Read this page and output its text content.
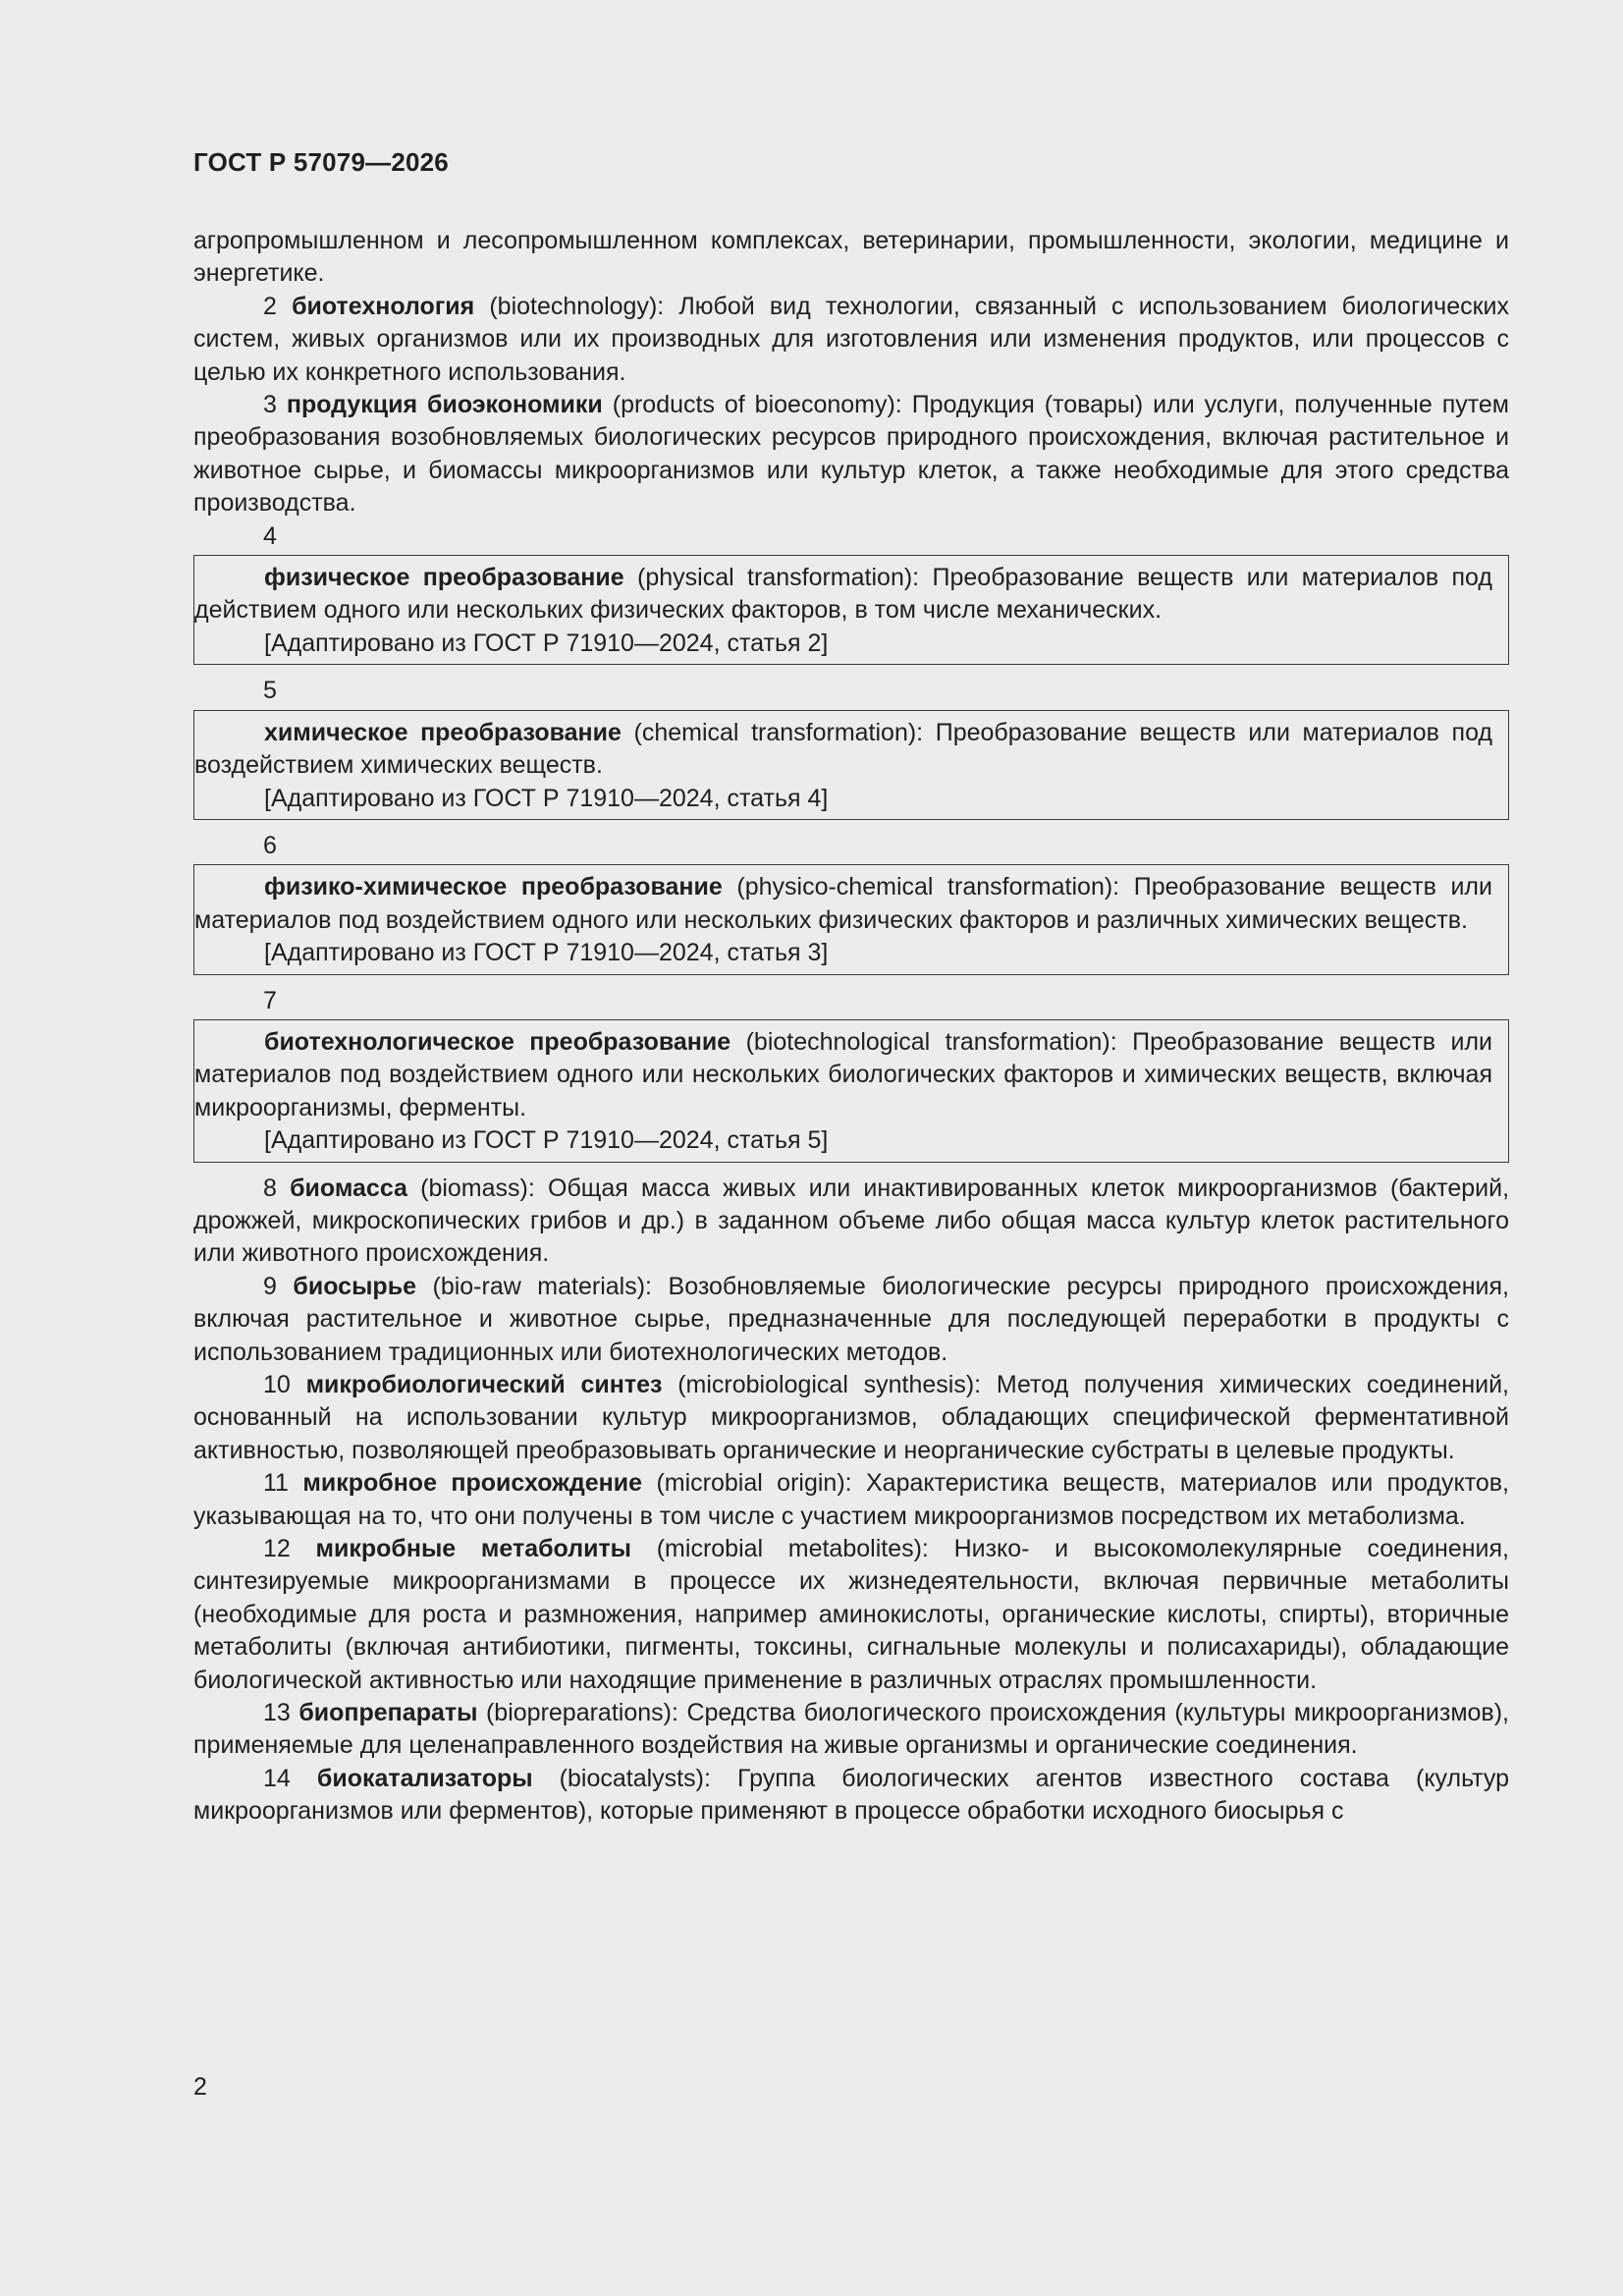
ГОСТ Р 57079—2026

агропромышленном и лесопромышленном комплексах, ветеринарии, промышленности, экологии, медицине и энергетике.

2 биотехнология (biotechnology): Любой вид технологии, связанный с использованием биологических систем, живых организмов или их производных для изготовления или изменения продуктов, или процессов с целью их конкретного использования.

3 продукция биоэкономики (products of bioeconomy): Продукция (товары) или услуги, полученные путем преобразования возобновляемых биологических ресурсов природного происхождения, включая растительное и животное сырье, и биомассы микроорганизмов или культур клеток, а также необходимые для этого средства производства.

4

физическое преобразование (physical transformation): Преобразование веществ или материалов под действием одного или нескольких физических факторов, в том числе механических.

[Адаптировано из ГОСТ Р 71910—2024, статья 2]

5

химическое преобразование (chemical transformation): Преобразование веществ или материалов под воздействием химических веществ.

[Адаптировано из ГОСТ Р 71910—2024, статья 4]

6

физико-химическое преобразование (physico-chemical transformation): Преобразование веществ или материалов под воздействием одного или нескольких физических факторов и различных химических веществ.

[Адаптировано из ГОСТ Р 71910—2024, статья 3]

7

биотехнологическое преобразование (biotechnological transformation): Преобразование веществ или материалов под воздействием одного или нескольких биологических факторов и химических веществ, включая микроорганизмы, ферменты.

[Адаптировано из ГОСТ Р 71910—2024, статья 5]

8 биомасса (biomass): Общая масса живых или инактивированных клеток микроорганизмов (бактерий, дрожжей, микроскопических грибов и др.) в заданном объеме либо общая масса культур клеток растительного или животного происхождения.

9 биосырье (bio-raw materials): Возобновляемые биологические ресурсы природного происхождения, включая растительное и животное сырье, предназначенные для последующей переработки в продукты с использованием традиционных или биотехнологических методов.

10 микробиологический синтез (microbiological synthesis): Метод получения химических соединений, основанный на использовании культур микроорганизмов, обладающих специфической ферментативной активностью, позволяющей преобразовывать органические и неорганические субстраты в целевые продукты.

11 микробное происхождение (microbial origin): Характеристика веществ, материалов или продуктов, указывающая на то, что они получены в том числе с участием микроорганизмов посредством их метаболизма.

12 микробные метаболиты (microbial metabolites): Низко- и высокомолекулярные соединения, синтезируемые микроорганизмами в процессе их жизнедеятельности, включая первичные метаболиты (необходимые для роста и размножения, например аминокислоты, органические кислоты, спирты), вторичные метаболиты (включая антибиотики, пигменты, токсины, сигнальные молекулы и полисахариды), обладающие биологической активностью или находящие применение в различных отраслях промышленности.

13 биопрепараты (biopreparations): Средства биологического происхождения (культуры микроорганизмов), применяемые для целенаправленного воздействия на живые организмы и органические соединения.

14 биокатализаторы (biocatalysts): Группа биологических агентов известного состава (культур микроорганизмов или ферментов), которые применяют в процессе обработки исходного биосырья с

2
